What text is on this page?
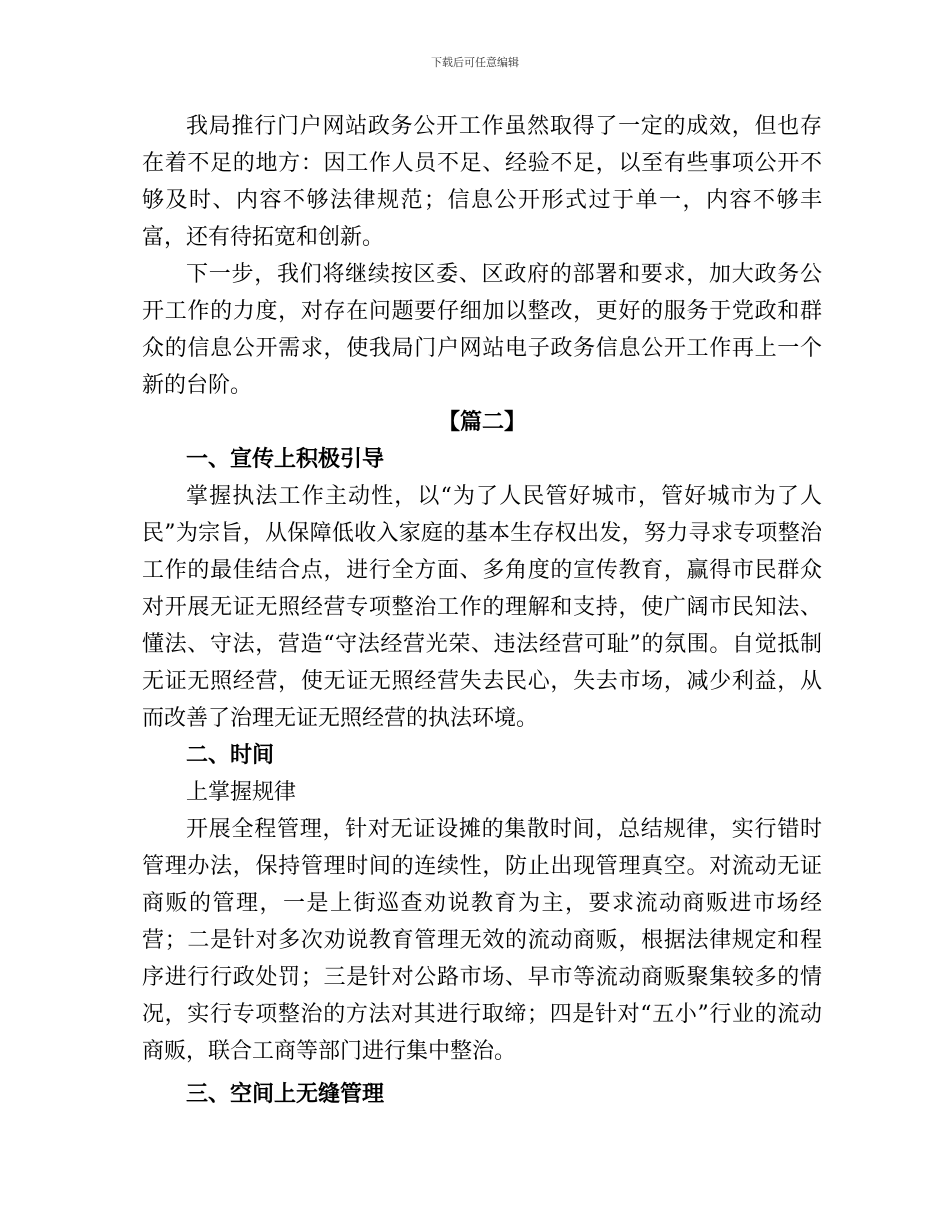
下载后可任意编辑

我局推行门户网站政务公开工作虽然取得了一定的成效，但也存在着不足的地方：因工作人员不足、经验不足，以至有些事项公开不够及时、内容不够法律规范；信息公开形式过于单一，内容不够丰富，还有待拓宽和创新。

下一步，我们将继续按区委、区政府的部署和要求，加大政务公开工作的力度，对存在问题要仔细加以整改，更好的服务于党政和群众的信息公开需求，使我局门户网站电子政务信息公开工作再上一个新的台阶。

【篇二】

一、宣传上积极引导

掌握执法工作主动性，以“为了人民管好城市，管好城市为了人民”为宗旨，从保障低收入家庭的基本生存权出发，努力寻求专项整治工作的最佳结合点，进行全方面、多角度的宣传教育，赢得市民群众对开展无证无照经营专项整治工作的理解和支持，使广阔市民知法、懂法、守法，营造“守法经营光荣、违法经营可耻”的氛围。自觉抵制无证无照经营，使无证无照经营失去民心，失去市场，减少利益，从而改善了治理无证无照经营的执法环境。

二、时间

上掌握规律

开展全程管理，针对无证设摊的集散时间，总结规律，实行错时管理办法，保持管理时间的连续性，防止出现管理真空。对流动无证商贩的管理，一是上街巡查劝说教育为主，要求流动商贩进市场经营；二是针对多次劝说教育管理无效的流动商贩，根据法律规定和程序进行行政处罚；三是针对公路市场、早市等流动商贩聚集较多的情况，实行专项整治的方法对其进行取缔；四是针对“五小”行业的流动商贩，联合工商等部门进行集中整治。

三、空间上无缝管理
